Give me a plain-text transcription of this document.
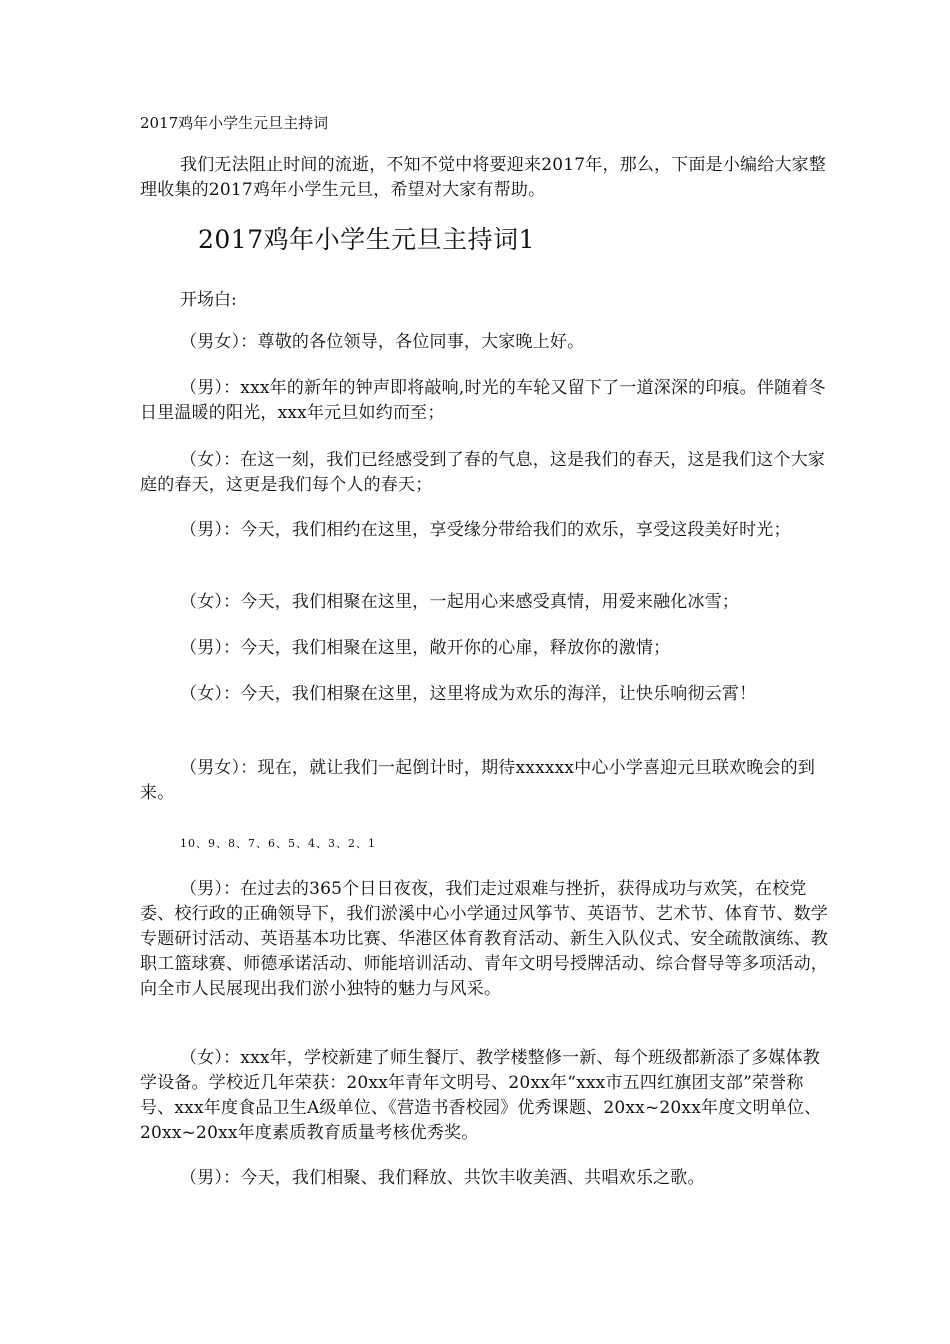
2017鸡年小学生元旦主持词

我们无法阻止时间的流逝，不知不觉中将要迎来2017年，那么，下面是小编给大家整理收集的2017鸡年小学生元旦，希望对大家有帮助。

2017鸡年小学生元旦主持词1
开场白:

（男女）：尊敬的各位领导，各位同事，大家晚上好。

（男）：xxx年的新年的钟声即将敲响,时光的车轮又留下了一道深深的印痕。伴随着冬日里温暖的阳光，xxx年元旦如约而至；

（女）：在这一刻，我们已经感受到了春的气息，这是我们的春天，这是我们这个大家庭的春天，这更是我们每个人的春天；

（男）：今天，我们相约在这里，享受缘分带给我们的欢乐，享受这段美好时光；

（女）：今天，我们相聚在这里，一起用心来感受真情，用爱来融化冰雪；

（男）：今天，我们相聚在这里，敞开你的心扉，释放你的激情；

（女）：今天，我们相聚在这里，这里将成为欢乐的海洋，让快乐响彻云霄！

（男女）：现在，就让我们一起倒计时，期待xxxxxx中心小学喜迎元旦联欢晚会的到来。

10、9、8、7、6、5、4、3、2、1

（男）：在过去的365个日日夜夜，我们走过艰难与挫折，获得成功与欢笑，在校党委、校行政的正确领导下，我们淤溪中心小学通过风筝节、英语节、艺术节、体育节、数学专题研讨活动、英语基本功比赛、华港区体育教育活动、新生入队仪式、安全疏散演练、教职工篮球赛、师德承诺活动、师能培训活动、青年文明号授牌活动、综合督导等多项活动，向全市人民展现出我们淤小独特的魅力与风采。

（女）：xxx年，学校新建了师生餐厅、教学楼整修一新、每个班级都新添了多媒体教学设备。学校近几年荣获：20xx年青年文明号、20xx年“xxx市五四红旗团支部”荣誉称号、xxx年度食品卫生A级单位、《营造书香校园》优秀课题、20xx~20xx年度文明单位、20xx~20xx年度素质教育质量考核优秀奖。

（男）：今天，我们相聚、我们释放、共饮丰收美酒、共唱欢乐之歌。
